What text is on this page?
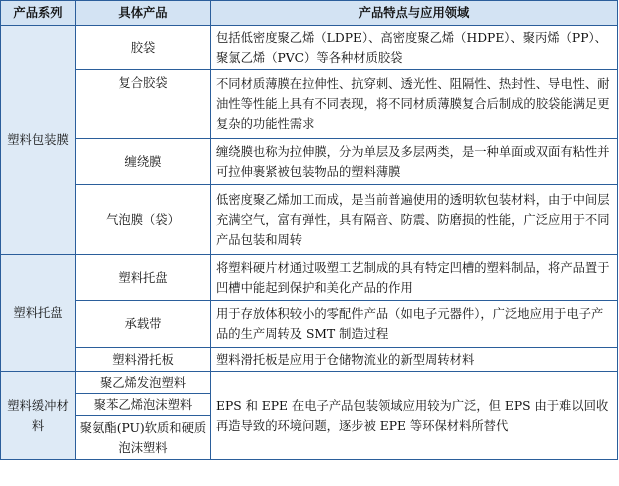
产品系列	具体产品	产品特点与应用领域
塑料包装膜	胶袋	包括低密度聚乙烯（LDPE）、高密度聚乙烯（HDPE）、聚丙烯（PP）、聚氯乙烯（PVC）等各种材质胶袋
	复合胶袋	不同材质薄膜在拉伸性、抗穿刺、透光性、阻隔性、热封性、导电性、耐油性等性能上具有不同表现，将不同材质薄膜复合后制成的胶袋能满足更复杂的功能性需求
	缠绕膜	缠绕膜也称为拉伸膜，分为单层及多层两类，是一种单面或双面有粘性并可拉伸裹紧被包装物品的塑料薄膜
	气泡膜（袋）	低密度聚乙烯加工而成，是当前普遍使用的透明软包装材料，由于中间层充满空气，富有弹性，具有隔音、防震、防磨损的性能，广泛应用于不同产品包装和周转
塑料托盘	塑料托盘	将塑料硬片材通过吸塑工艺制成的具有特定凹槽的塑料制品，将产品置于凹槽中能起到保护和美化产品的作用
	承载带	用于存放体积较小的零配件产品（如电子元器件），广泛地应用于电子产品的生产周转及 SMT 制造过程
	塑料滑托板	塑料滑托板是应用于仓储物流业的新型周转材料
塑料缓冲材料	聚乙烯发泡塑料	EPS 和 EPE 在电子产品包装领域应用较为广泛，但 EPS 由于难以回收再造导致的环境问题，逐步被 EPE 等环保材料所替代
	聚苯乙烯泡沫塑料	
	聚氨酯(PU)软质和硬质泡沫塑料	
